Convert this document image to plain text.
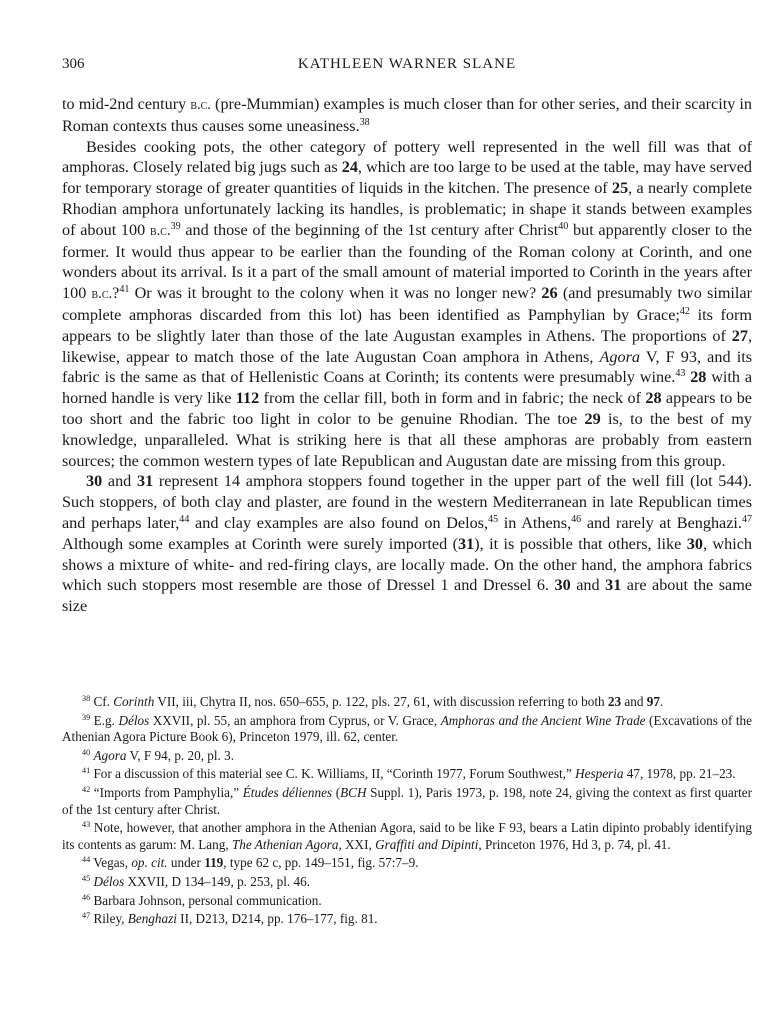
306	KATHLEEN WARNER SLANE

to mid-2nd century b.c. (pre-Mummian) examples is much closer than for other series, and their scarcity in Roman contexts thus causes some uneasiness.$^{38}$

Besides cooking pots, the other category of pottery well represented in the well fill was that of amphoras. Closely related big jugs such as 24, which are too large to be used at the table, may have served for temporary storage of greater quantities of liquids in the kitchen. The presence of 25, a nearly complete Rhodian amphora unfortunately lacking its handles, is problematic; in shape it stands between examples of about 100 b.c.$^{39}$ and those of the beginning of the 1st century after Christ$^{40}$ but apparently closer to the former. It would thus appear to be earlier than the founding of the Roman colony at Corinth, and one wonders about its arrival. Is it a part of the small amount of material imported to Corinth in the years after 100 b.c.?$^{41}$ Or was it brought to the colony when it was no longer new? 26 (and presumably two similar complete amphoras discarded from this lot) has been identified as Pamphylian by Grace;$^{42}$ its form appears to be slightly later than those of the late Augustan examples in Athens. The proportions of 27, likewise, appear to match those of the late Augustan Coan amphora in Athens, Agora V, F 93, and its fabric is the same as that of Hellenistic Coans at Corinth; its contents were presumably wine.$^{43}$ 28 with a horned handle is very like 112 from the cellar fill, both in form and in fabric; the neck of 28 appears to be too short and the fabric too light in color to be genuine Rhodian. The toe 29 is, to the best of my knowledge, unparalleled. What is striking here is that all these amphoras are probably from eastern sources; the common western types of late Republican and Augustan date are missing from this group.

30 and 31 represent 14 amphora stoppers found together in the upper part of the well fill (lot 544). Such stoppers, of both clay and plaster, are found in the western Mediterranean in late Republican times and perhaps later,$^{44}$ and clay examples are also found on Delos,$^{45}$ in Athens,$^{46}$ and rarely at Benghazi.$^{47}$ Although some examples at Corinth were surely imported (31), it is possible that others, like 30, which shows a mixture of white- and red-firing clays, are locally made. On the other hand, the amphora fabrics which such stoppers most resemble are those of Dressel 1 and Dressel 6. 30 and 31 are about the same size

$^{38}$ Cf. Corinth VII, iii, Chytra II, nos. 650–655, p. 122, pls. 27, 61, with discussion referring to both 23 and 97.

$^{39}$ E.g. Délos XXVII, pl. 55, an amphora from Cyprus, or V. Grace, Amphoras and the Ancient Wine Trade (Excavations of the Athenian Agora Picture Book 6), Princeton 1979, ill. 62, center.

$^{40}$ Agora V, F 94, p. 20, pl. 3.

$^{41}$ For a discussion of this material see C. K. Williams, II, “Corinth 1977, Forum Southwest,” Hesperia 47, 1978, pp. 21–23.

$^{42}$ “Imports from Pamphylia,” Études déliennes (BCH Suppl. 1), Paris 1973, p. 198, note 24, giving the context as first quarter of the 1st century after Christ.

$^{43}$ Note, however, that another amphora in the Athenian Agora, said to be like F 93, bears a Latin dipinto probably identifying its contents as garum: M. Lang, The Athenian Agora, XXI, Graffiti and Dipinti, Princeton 1976, Hd 3, p. 74, pl. 41.

$^{44}$ Vegas, op. cit. under 119, type 62 c, pp. 149–151, fig. 57:7–9.

$^{45}$ Délos XXVII, D 134–149, p. 253, pl. 46.

$^{46}$ Barbara Johnson, personal communication.

$^{47}$ Riley, Benghazi II, D213, D214, pp. 176–177, fig. 81.
